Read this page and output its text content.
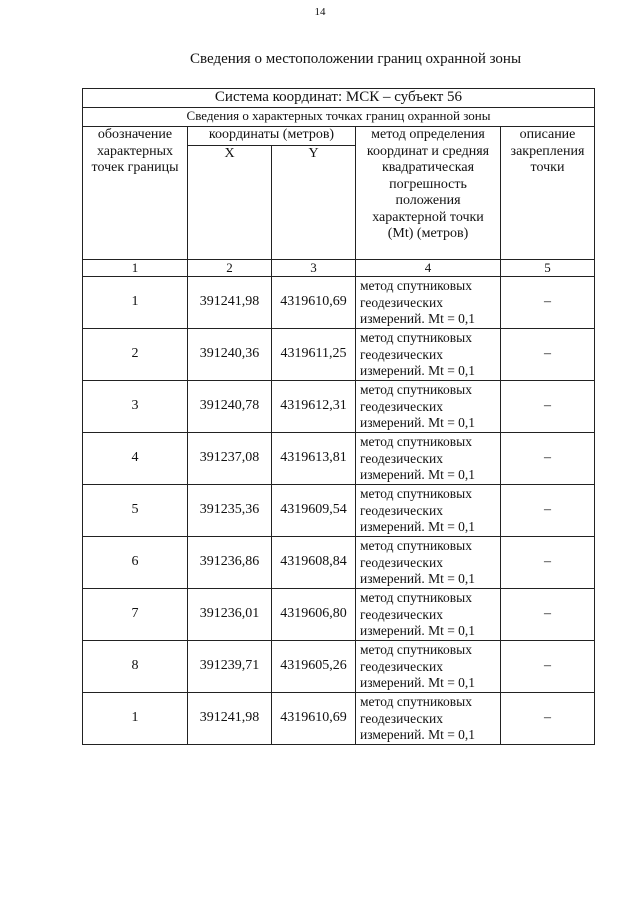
14
Сведения о местоположении границ охранной зоны
Система координат: МСК – субъект 56				
Сведения о характерных точках границ охранной зоны				
обозначение характерных точек границы	координаты (метров)		метод определения координат и средняя квадратическая погрешность положения характерной точки (Mt) (метров)	описание закрепления точки
	X	Y		
1	2	3	4	5
1	391241,98	4319610,69	метод спутниковых геодезических измерений. Mt = 0,1	–
2	391240,36	4319611,25	метод спутниковых геодезических измерений. Mt = 0,1	–
3	391240,78	4319612,31	метод спутниковых геодезических измерений. Mt = 0,1	–
4	391237,08	4319613,81	метод спутниковых геодезических измерений. Mt = 0,1	–
5	391235,36	4319609,54	метод спутниковых геодезических измерений. Mt = 0,1	–
6	391236,86	4319608,84	метод спутниковых геодезических измерений. Mt = 0,1	–
7	391236,01	4319606,80	метод спутниковых геодезических измерений. Mt = 0,1	–
8	391239,71	4319605,26	метод спутниковых геодезических измерений. Mt = 0,1	–
1	391241,98	4319610,69	метод спутниковых геодезических измерений. Mt = 0,1	–
